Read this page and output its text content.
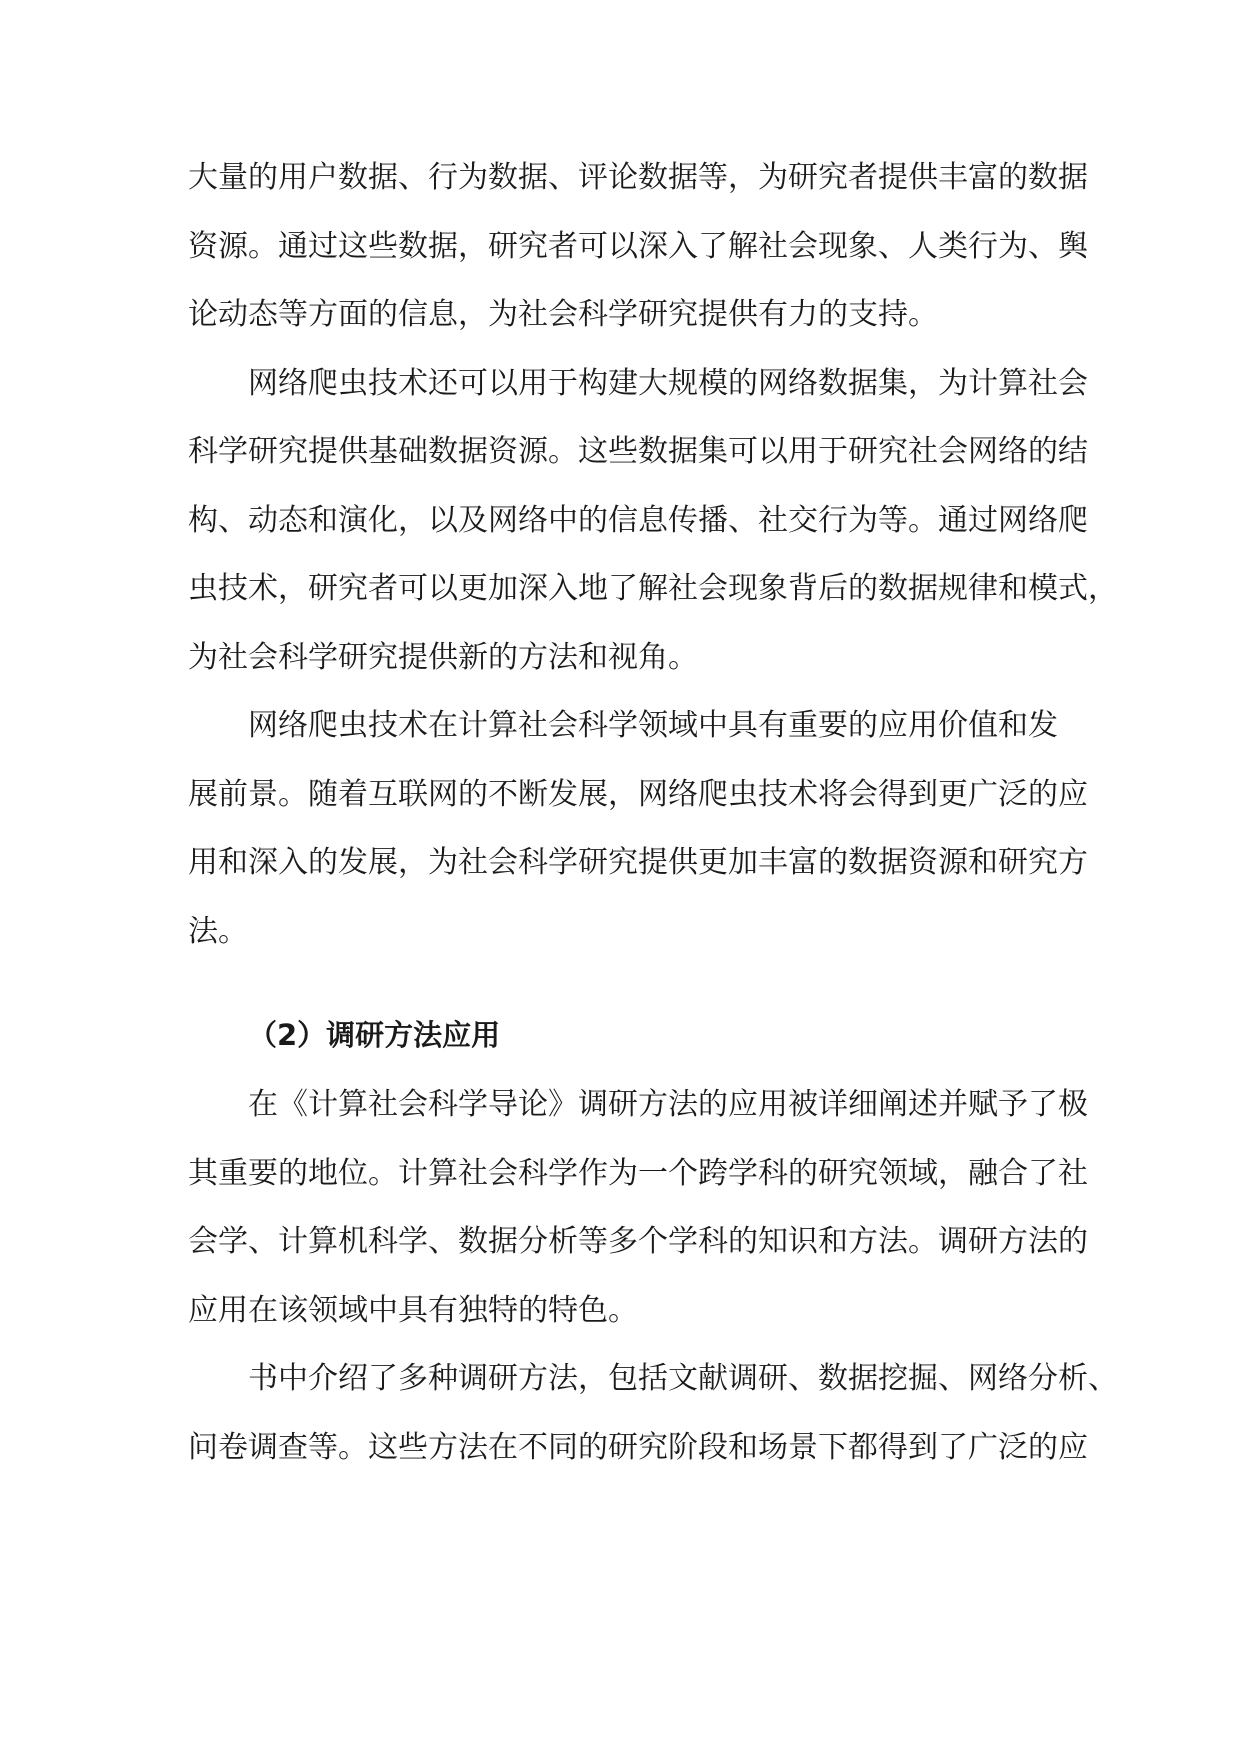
大量的用户数据、行为数据、评论数据等，为研究者提供丰富的数据
资源。通过这些数据，研究者可以深入了解社会现象、人类行为、舆
论动态等方面的信息，为社会科学研究提供有力的支持。
网络爬虫技术还可以用于构建大规模的网络数据集，为计算社会
科学研究提供基础数据资源。这些数据集可以用于研究社会网络的结
构、动态和演化，以及网络中的信息传播、社交行为等。通过网络爬
虫技术，研究者可以更加深入地了解社会现象背后的数据规律和模式，
为社会科学研究提供新的方法和视角。
网络爬虫技术在计算社会科学领域中具有重要的应用价值和发
展前景。随着互联网的不断发展，网络爬虫技术将会得到更广泛的应
用和深入的发展，为社会科学研究提供更加丰富的数据资源和研究方
法。
（2）调研方法应用
在《计算社会科学导论》调研方法的应用被详细阐述并赋予了极
其重要的地位。计算社会科学作为一个跨学科的研究领域，融合了社
会学、计算机科学、数据分析等多个学科的知识和方法。调研方法的
应用在该领域中具有独特的特色。
书中介绍了多种调研方法，包括文献调研、数据挖掘、网络分析、
问卷调查等。这些方法在不同的研究阶段和场景下都得到了广泛的应
